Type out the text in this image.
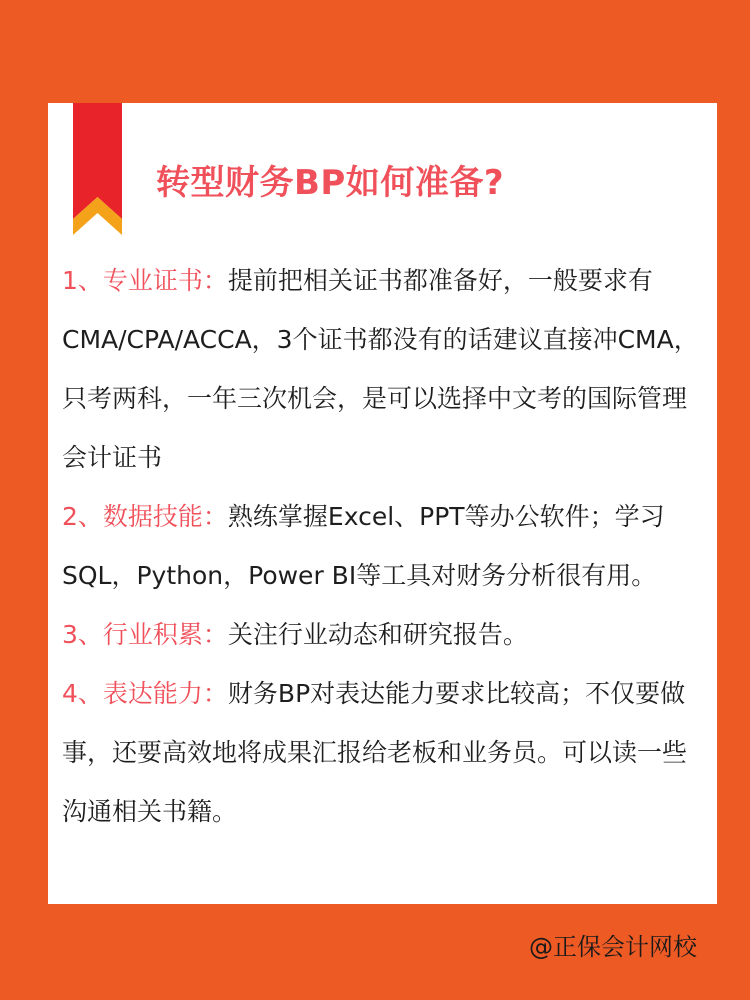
转型财务BP如何准备?

1、专业证书：提前把相关证书都准备好，一般要求有CMA/CPA/ACCA，3个证书都没有的话建议直接冲CMA，只考两科，一年三次机会，是可以选择中文考的国际管理会计证书

2、数据技能：熟练掌握Excel、PPT等办公软件；学习SQL，Python，Power BI等工具对财务分析很有用。

3、行业积累：关注行业动态和研究报告。

4、表达能力：财务BP对表达能力要求比较高；不仅要做事，还要高效地将成果汇报给老板和业务员。可以读一些沟通相关书籍。

@正保会计网校
